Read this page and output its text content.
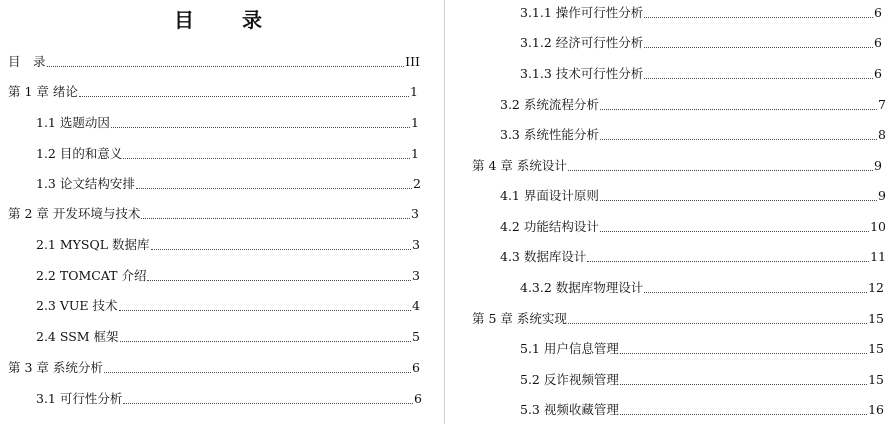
目　录
目　录	III
第 1 章 绪论	1
1.1 选题动因	1
1.2 目的和意义	1
1.3 论文结构安排	2
第 2 章 开发环境与技术	3
2.1 MYSQL 数据库	3
2.2 TOMCAT 介绍	3
2.3 VUE 技术	4
2.4 SSM 框架	5
第 3 章 系统分析	6
3.1 可行性分析	6
3.1.1 操作可行性分析	6
3.1.2 经济可行性分析	6
3.1.3 技术可行性分析	6
3.2 系统流程分析	7
3.3 系统性能分析	8
第 4 章 系统设计	9
4.1 界面设计原则	9
4.2 功能结构设计	10
4.3 数据库设计	11
4.3.2 数据库物理设计	12
第 5 章 系统实现	15
5.1 用户信息管理	15
5.2 反诈视频管理	15
5.3 视频收藏管理	16
